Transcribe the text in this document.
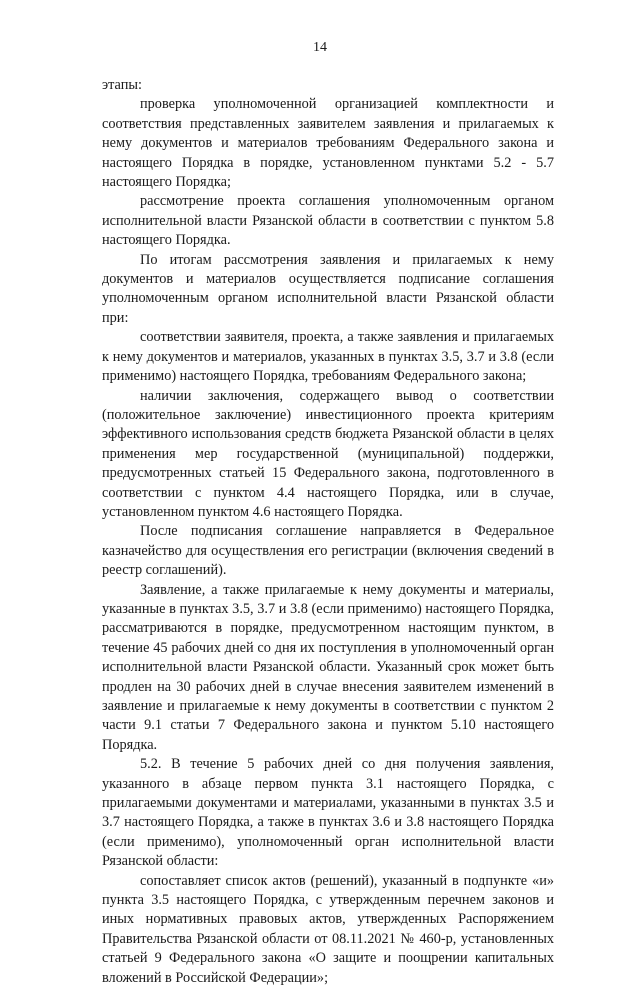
14

этапы:

проверка уполномоченной организацией комплектности и соответствия представленных заявителем заявления и прилагаемых к нему документов и материалов требованиям Федерального закона и настоящего Порядка в порядке, установленном пунктами 5.2 - 5.7 настоящего Порядка;

рассмотрение проекта соглашения уполномоченным органом исполнительной власти Рязанской области в соответствии с пунктом 5.8 настоящего Порядка.

По итогам рассмотрения заявления и прилагаемых к нему документов и материалов осуществляется подписание соглашения уполномоченным органом исполнительной власти Рязанской области при:

соответствии заявителя, проекта, а также заявления и прилагаемых к нему документов и материалов, указанных в пунктах 3.5, 3.7 и 3.8 (если применимо) настоящего Порядка, требованиям Федерального закона;

наличии заключения, содержащего вывод о соответствии (положительное заключение) инвестиционного проекта критериям эффективного использования средств бюджета Рязанской области в целях применения мер государственной (муниципальной) поддержки, предусмотренных статьей 15 Федерального закона, подготовленного в соответствии с пунктом 4.4 настоящего Порядка, или в случае, установленном пунктом 4.6 настоящего Порядка.

После подписания соглашение направляется в Федеральное казначейство для осуществления его регистрации (включения сведений в реестр соглашений).

Заявление, а также прилагаемые к нему документы и материалы, указанные в пунктах 3.5, 3.7 и 3.8 (если применимо) настоящего Порядка, рассматриваются в порядке, предусмотренном настоящим пунктом, в течение 45 рабочих дней со дня их поступления в уполномоченный орган исполнительной власти Рязанской области. Указанный срок может быть продлен на 30 рабочих дней в случае внесения заявителем изменений в заявление и прилагаемые к нему документы в соответствии с пунктом 2 части 9.1 статьи 7 Федерального закона и пунктом 5.10 настоящего Порядка.

5.2. В течение 5 рабочих дней со дня получения заявления, указанного в абзаце первом пункта 3.1 настоящего Порядка, с прилагаемыми документами и материалами, указанными в пунктах 3.5 и 3.7 настоящего Порядка, а также в пунктах 3.6 и 3.8 настоящего Порядка (если применимо), уполномоченный орган исполнительной власти Рязанской области:

сопоставляет список актов (решений), указанный в подпункте «и» пункта 3.5 настоящего Порядка, с утвержденным перечнем законов и иных нормативных правовых актов, утвержденных Распоряжением Правительства Рязанской области от 08.11.2021 № 460-р, установленных статьей 9 Федерального закона «О защите и поощрении капитальных вложений в Российской Федерации»;
